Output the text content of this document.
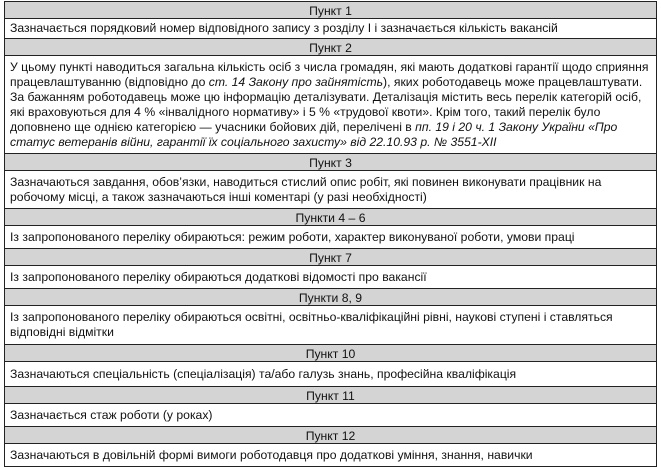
Пункт 1
Зазначається порядковий номер відповідного запису з розділу I і зазначається кількість вакансій
Пункт 2
У цьому пункті наводиться загальна кількість осіб з числа громадян, які мають додаткові гарантії щодо сприяння працевлаштуванню (відповідно до ст. 14 Закону про зайнятість), яких роботодавець може працевлаштувати. За бажанням роботодавець може цю інформацію деталізувати. Деталізація містить весь перелік категорій осіб, які враховуються для 4 % «інвалідного нормативу» і 5 % «трудової квоти». Крім того, такий перелік було доповнено ще однією категорією — учасники бойових дій, перелічені в пп. 19 і 20 ч. 1 Закону України «Про статус ветеранів війни, гарантії їх соціального захисту» від 22.10.93 р. № 3551-XII
Пункт 3
Зазначаються завдання, обов’язки, наводиться стислий опис робіт, які повинен виконувати працівник на робочому місці, а також зазначаються інші коментарі (у разі необхідності)
Пункти 4 – 6
Із запропонованого переліку обираються: режим роботи, характер виконуваної роботи, умови праці
Пункт 7
Із запропонованого переліку обираються додаткові відомості про вакансії
Пункти 8, 9
Із запропонованого переліку обираються освітні, освітньо-кваліфікаційні рівні, наукові ступені і ставляться відповідні відмітки
Пункт 10
Зазначаються спеціальність (спеціалізація) та/або галузь знань, професійна кваліфікація
Пункт 11
Зазначається стаж роботи (у роках)
Пункт 12
Зазначаються в довільній формі вимоги роботодавця про додаткові уміння, знання, навички
